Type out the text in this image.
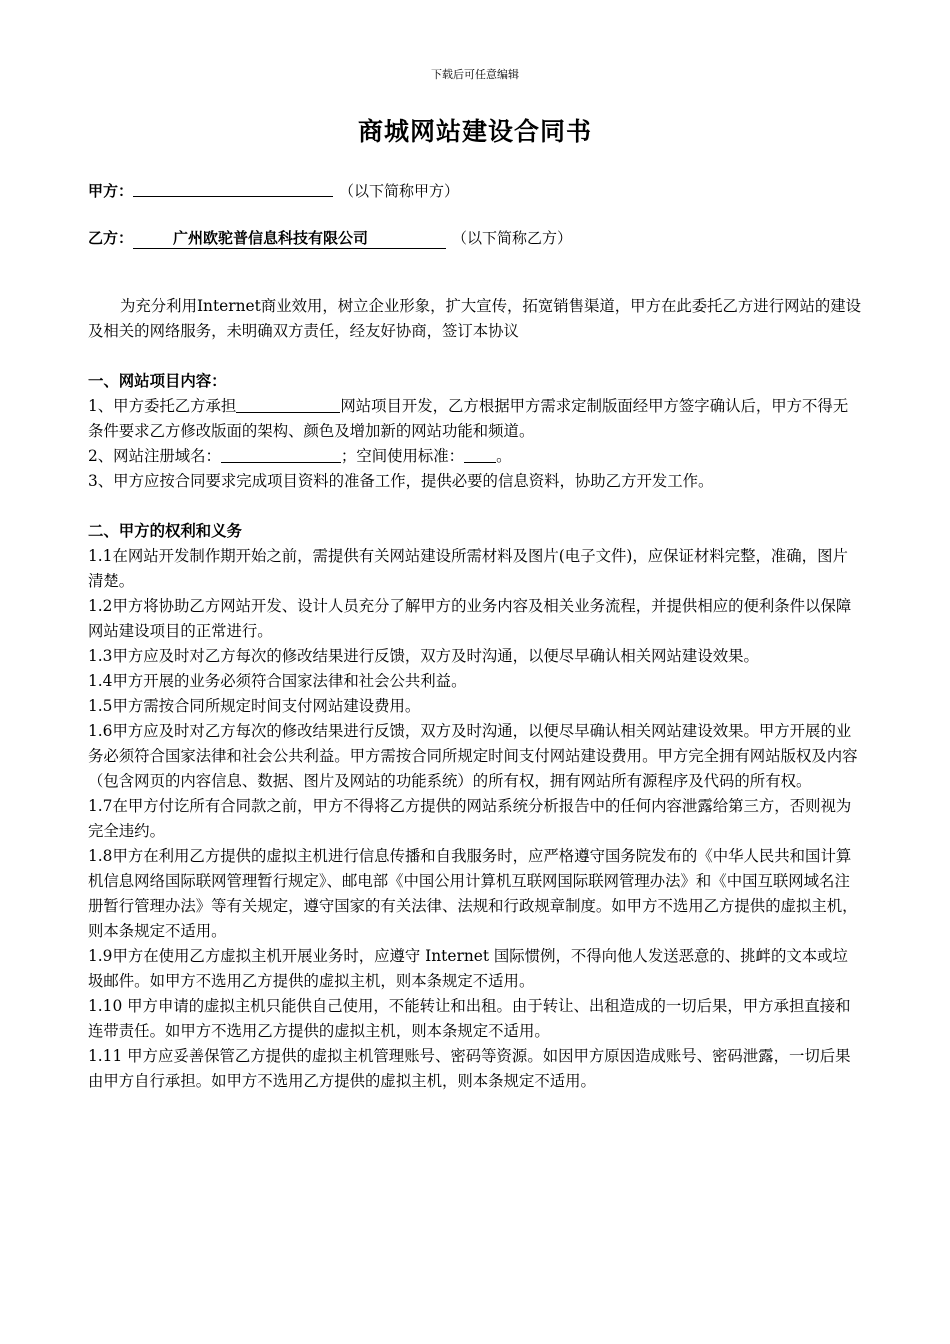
下载后可任意编辑
商城网站建设合同书
甲方：	（以下简称甲方）
乙方：	广州欧驼普信息科技有限公司	（以下简称乙方）

为充分利用Internet商业效用，树立企业形象，扩大宣传，拓宽销售渠道，甲方在此委托乙方进行网站的建设及相关的网络服务，未明确双方责任，经友好协商，签订本协议

一、网站项目内容：

1、甲方委托乙方承担	网站项目开发，乙方根据甲方需求定制版面经甲方签字确认后，甲方不得无条件要求乙方修改版面的架构、颜色及增加新的网站功能和频道。

2、网站注册域名：	；空间使用标准： 。

3、甲方应按合同要求完成项目资料的准备工作，提供必要的信息资料，协助乙方开发工作。

二、甲方的权利和义务

1.1在网站开发制作期开始之前，需提供有关网站建设所需材料及图片(电子文件)，应保证材料完整，准确，图片清楚。

1.2甲方将协助乙方网站开发、设计人员充分了解甲方的业务内容及相关业务流程，并提供相应的便利条件以保障网站建设项目的正常进行。

1.3甲方应及时对乙方每次的修改结果进行反馈，双方及时沟通，以便尽早确认相关网站建设效果。

1.4甲方开展的业务必须符合国家法律和社会公共利益。

1.5甲方需按合同所规定时间支付网站建设费用。

1.6甲方应及时对乙方每次的修改结果进行反馈，双方及时沟通，以便尽早确认相关网站建设效果。甲方开展的业务必须符合国家法律和社会公共利益。甲方需按合同所规定时间支付网站建设费用。甲方完全拥有网站版权及内容（包含网页的内容信息、数据、图片及网站的功能系统）的所有权，拥有网站所有源程序及代码的所有权。

1.7在甲方付讫所有合同款之前，甲方不得将乙方提供的网站系统分析报告中的任何内容泄露给第三方，否则视为完全违约。

1.8甲方在利用乙方提供的虚拟主机进行信息传播和自我服务时，应严格遵守国务院发布的《中华人民共和国计算机信息网络国际联网管理暂行规定》、邮电部《中国公用计算机互联网国际联网管理办法》和《中国互联网域名注册暂行管理办法》等有关规定，遵守国家的有关法律、法规和行政规章制度。如甲方不选用乙方提供的虚拟主机，则本条规定不适用。

1.9甲方在使用乙方虚拟主机开展业务时，应遵守 Internet 国际惯例，不得向他人发送恶意的、挑衅的文本或垃圾邮件。如甲方不选用乙方提供的虚拟主机，则本条规定不适用。

1.10 甲方申请的虚拟主机只能供自己使用，不能转让和出租。由于转让、出租造成的一切后果，甲方承担直接和连带责任。如甲方不选用乙方提供的虚拟主机，则本条规定不适用。

1.11 甲方应妥善保管乙方提供的虚拟主机管理账号、密码等资源。如因甲方原因造成账号、密码泄露，一切后果由甲方自行承担。如甲方不选用乙方提供的虚拟主机，则本条规定不适用。
